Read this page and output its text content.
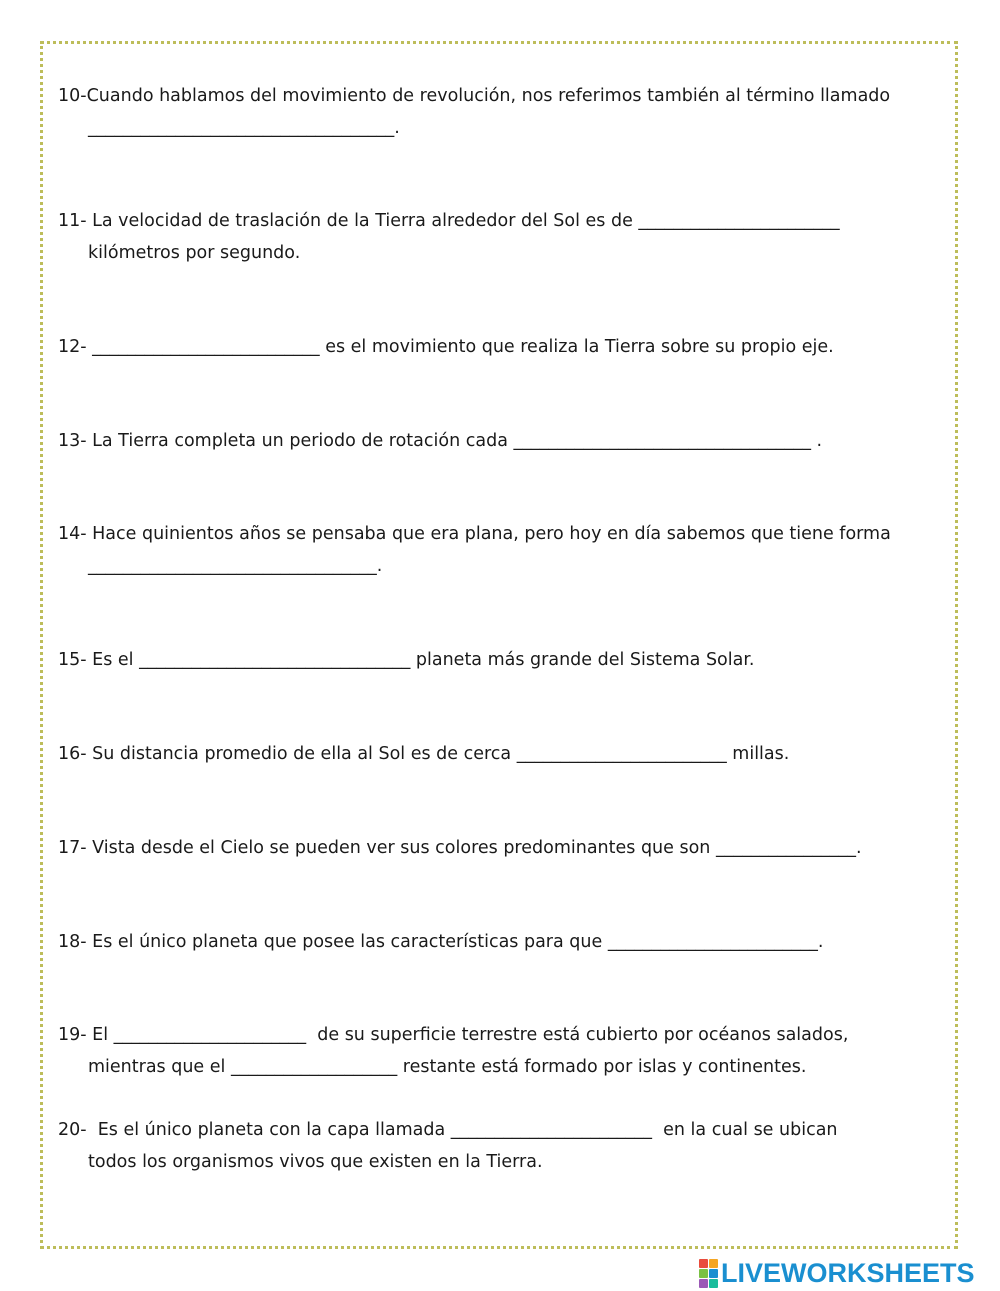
10-Cuando hablamos del movimiento de revolución, nos referimos también al término llamado
___________________________________.
11- La velocidad de traslación de la Tierra alrededor del Sol es de _______________________
kilómetros por segundo.
12- __________________________ es el movimiento que realiza la Tierra sobre su propio eje.
13- La Tierra completa un periodo de rotación cada __________________________________ .
14- Hace quinientos años se pensaba que era plana, pero hoy en día sabemos que tiene forma
_________________________________.
15- Es el _______________________________ planeta más grande del Sistema Solar.
16- Su distancia promedio de ella al Sol es de cerca ________________________ millas.
17- Vista desde el Cielo se pueden ver sus colores predominantes que son ________________.
18- Es el único planeta que posee las características para que ________________________.
19- El ______________________  de su superficie terrestre está cubierto por océanos salados,
mientras que el ___________________ restante está formado por islas y continentes.
20-  Es el único planeta con la capa llamada _______________________  en la cual se ubican
todos los organismos vivos que existen en la Tierra.
LIVEWORKSHEETS
